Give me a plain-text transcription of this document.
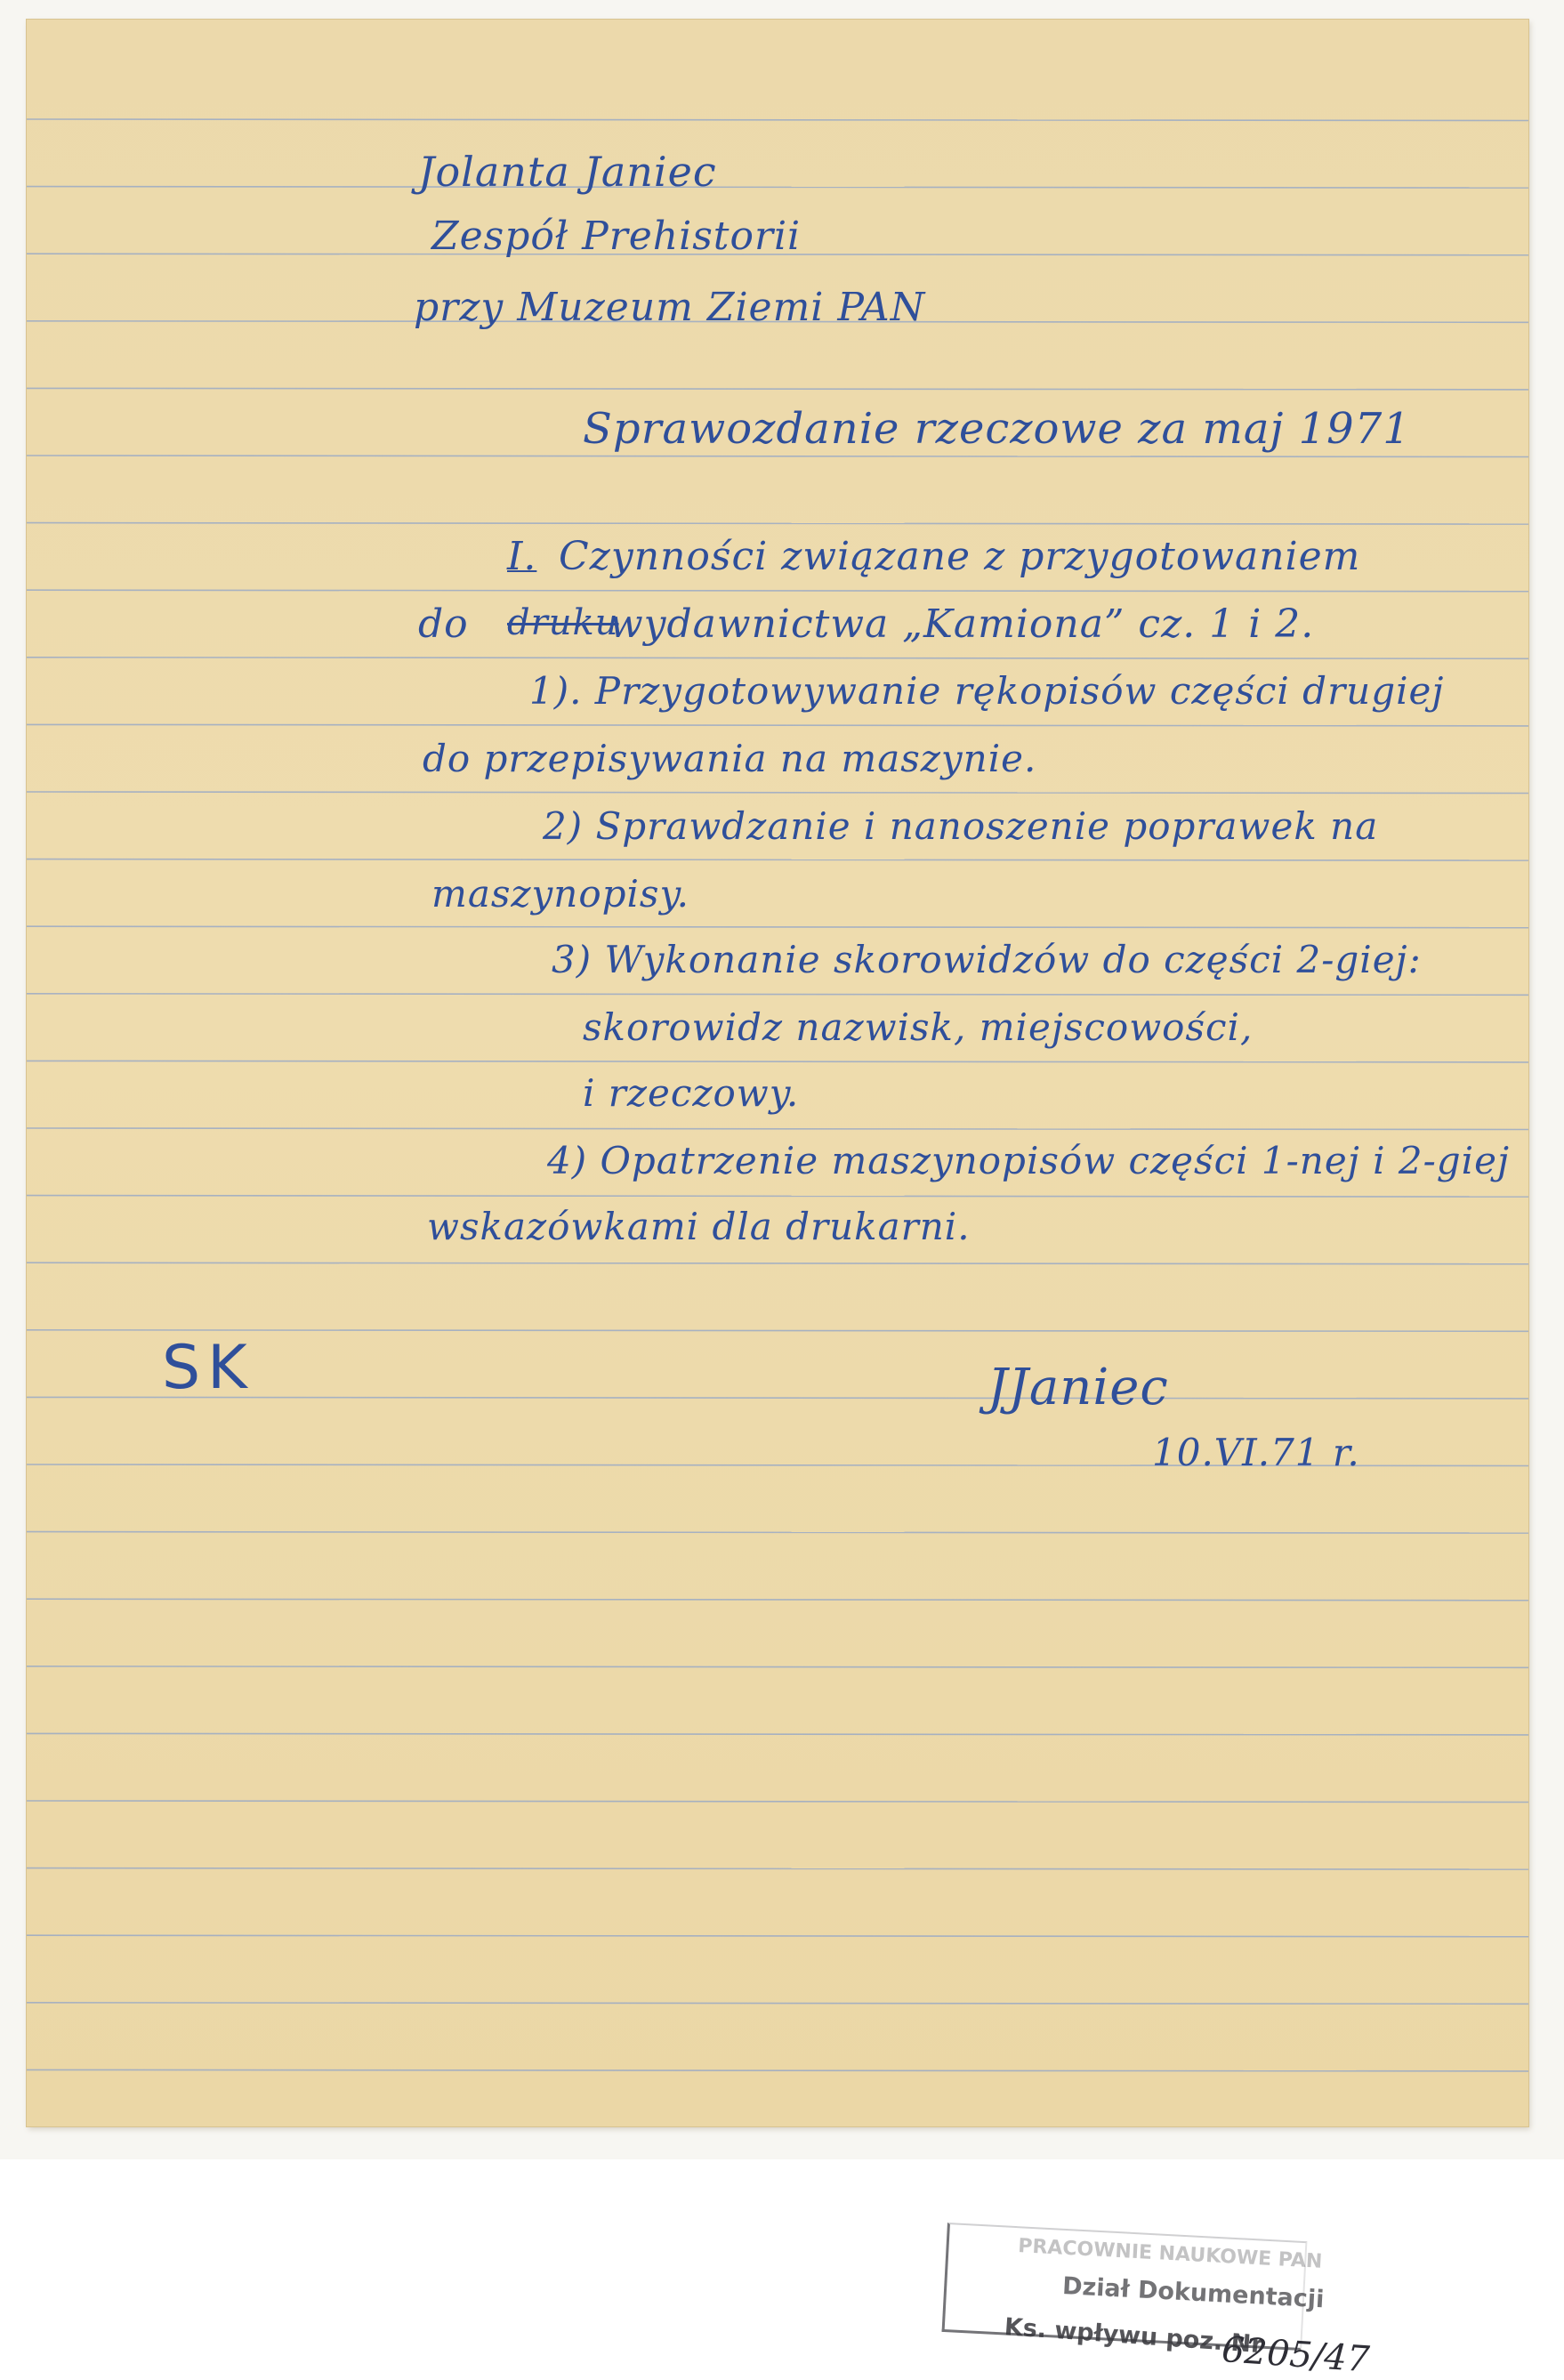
Jolanta Janiec
Zespół Prehistorii
przy Muzeum Ziemi PAN
Sprawozdanie rzeczowe za maj 1971
I. Czynności związane z przygotowaniem
do druku
wydawnictwa „Kamiona” cz. 1 i 2.
1). Przygotowywanie rękopisów części drugiej
do przepisywania na maszynie.
2) Sprawdzanie i nanoszenie poprawek na
maszynopisy.
3) Wykonanie skorowidzów do części 2-giej:
skorowidz nazwisk, miejscowości,
i rzeczowy.
4) Opatrzenie maszynopisów części 1-nej i 2-giej
wskazówkami dla drukarni.
SK	JJaniec
10.VI.71 r.
PRACOWNIE NAUKOWE PAN
Dział Dokumentacji
Ks. wpływu poz. Nr
6205/47
